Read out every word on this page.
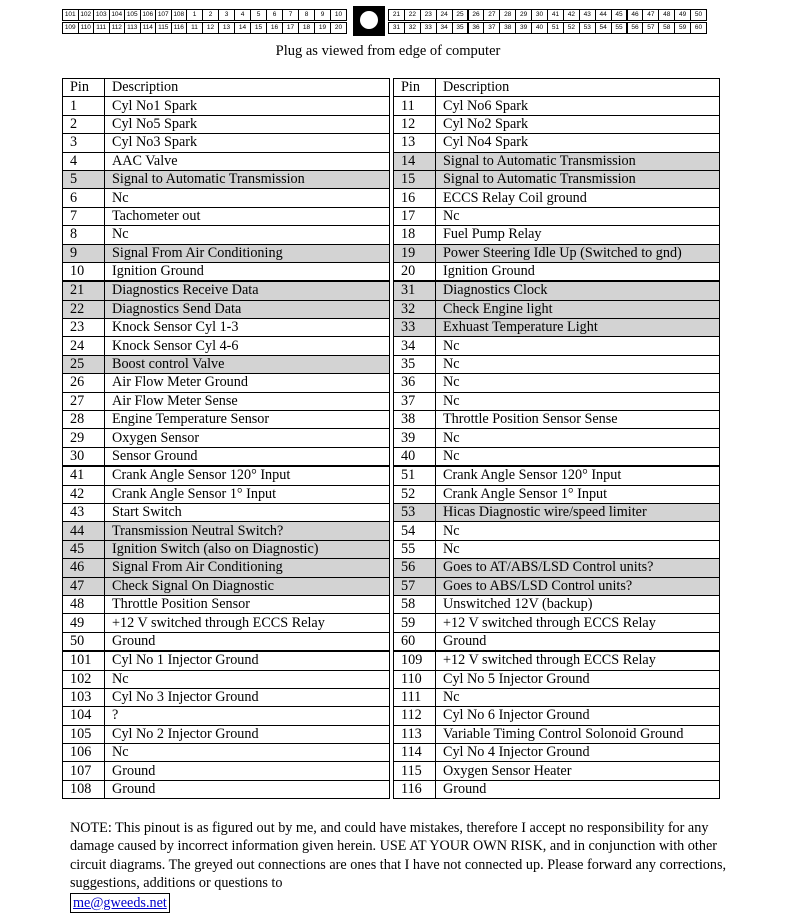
101 102 103 104 105 106 107 108	1	2	3	4	5	6	7	8	9	10
109 110 111 112 113 114 115 116	11	12	13	14	15	16	17	18	19	20
21	22	23	24	25	26	27	28	29	30	41	42	43	44	45	46	47	48	49	50
31	32	33	34	35	36	37	38	39	40	51	52	53	54	55	56	57	58	59	60
Plug as viewed from edge of computer
Pin	Description		Pin	Description
1	Cyl No1 Spark		11	Cyl No6 Spark
2	Cyl No5 Spark		12	Cyl No2 Spark
3	Cyl No3 Spark		13	Cyl No4 Spark
4	AAC Valve		14	Signal to Automatic Transmission
5	Signal to Automatic Transmission		15	Signal to Automatic Transmission
6	Nc		16	ECCS Relay Coil ground
7	Tachometer out		17	Nc
8	Nc		18	Fuel Pump Relay
9	Signal From Air Conditioning		19	Power Steering Idle Up (Switched to gnd)
10	Ignition Ground		20	Ignition Ground
21	Diagnostics Receive Data		31	Diagnostics Clock
22	Diagnostics Send Data		32	Check Engine light
23	Knock Sensor Cyl 1-3		33	Exhuast Temperature Light
24	Knock Sensor Cyl 4-6		34	Nc
25	Boost control Valve		35	Nc
26	Air Flow Meter Ground		36	Nc
27	Air Flow Meter Sense		37	Nc
28	Engine Temperature Sensor		38	Throttle Position Sensor Sense
29	Oxygen Sensor		39	Nc
30	Sensor Ground		40	Nc
41	Crank Angle Sensor 120° Input		51	Crank Angle Sensor 120° Input
42	Crank Angle Sensor 1° Input		52	Crank Angle Sensor 1° Input
43	Start Switch		53	Hicas Diagnostic wire/speed limiter
44	Transmission Neutral Switch?		54	Nc
45	Ignition Switch (also on Diagnostic)		55	Nc
46	Signal From Air Conditioning		56	Goes to AT/ABS/LSD Control units?
47	Check Signal On Diagnostic		57	Goes to ABS/LSD Control units?
48	Throttle Position Sensor		58	Unswitched 12V (backup)
49	+12 V switched through ECCS Relay		59	+12 V switched through ECCS Relay
50	Ground		60	Ground
101	Cyl No 1 Injector Ground		109	+12 V switched through ECCS Relay
102	Nc		110	Cyl No 5 Injector Ground
103	Cyl No 3 Injector Ground		111	Nc
104	?		112	Cyl No 6 Injector Ground
105	Cyl No 2 Injector Ground		113	Variable Timing Control Solonoid Ground
106	Nc		114	Cyl No 4 Injector Ground
107	Ground		115	Oxygen Sensor Heater
108	Ground		116	Ground
NOTE: This pinout is as figured out by me, and could have mistakes, therefore I accept no responsibility for any damage caused by incorrect information given herein. USE AT YOUR OWN RISK, and in conjunction with other circuit diagrams. The greyed out connections are ones that I have not connected up. Please forward any corrections, suggestions, additions or questions to
me@gweeds.net
